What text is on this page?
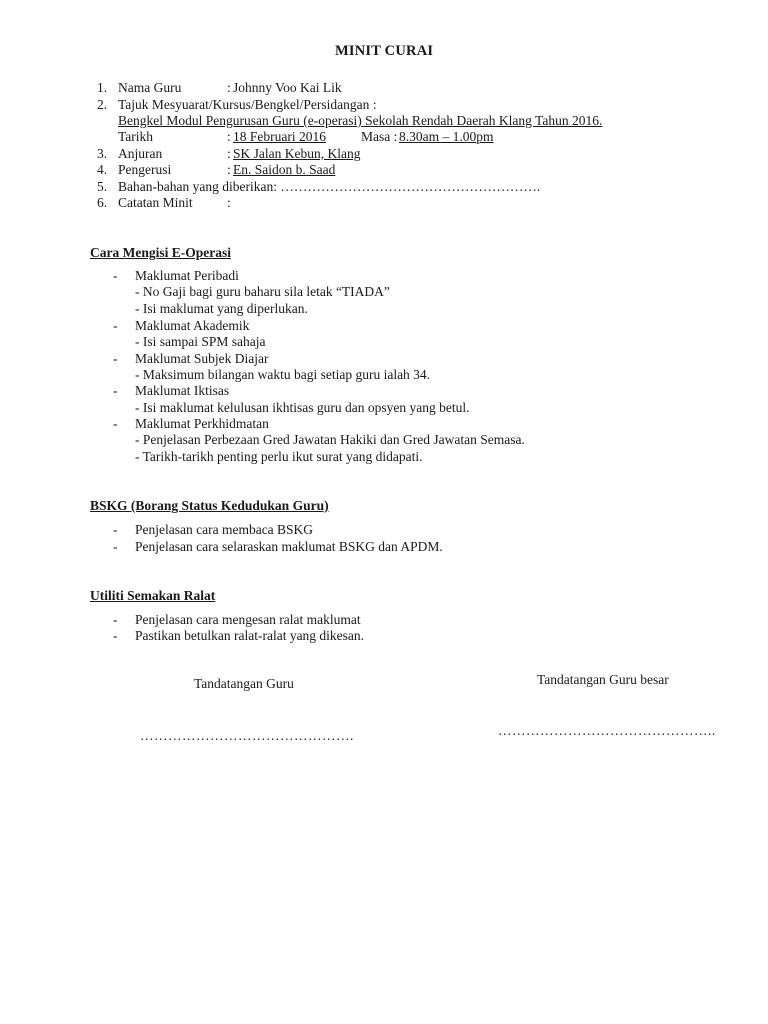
MINIT CURAI
1. Nama Guru	: Johnny Voo Kai Lik
2. Tajuk Mesyuarat/Kursus/Bengkel/Persidangan :
Bengkel Modul Pengurusan Guru (e-operasi) Sekolah Rendah Daerah Klang Tahun 2016.
Tarikh	: 18 Februari 2016	Masa : 8.30am – 1.00pm
3. Anjuran	: SK Jalan Kebun, Klang
4. Pengerusi	: En. Saidon b. Saad
5. Bahan-bahan yang diberikan: ………………………………………………….
6. Catatan Minit	:
Cara Mengisi E-Operasi
- Maklumat Peribadi
- No Gaji bagi guru baharu sila letak “TIADA”
- Isi maklumat yang diperlukan.
- Maklumat Akademik
- Isi sampai SPM sahaja
- Maklumat Subjek Diajar
- Maksimum bilangan waktu bagi setiap guru ialah 34.
- Maklumat Iktisas
- Isi maklumat kelulusan ikhtisas guru dan opsyen yang betul.
- Maklumat Perkhidmatan
- Penjelasan Perbezaan Gred Jawatan Hakiki dan Gred Jawatan Semasa.
- Tarikh-tarikh penting perlu ikut surat yang didapati.
BSKG (Borang Status Kedudukan Guru)
- Penjelasan cara membaca BSKG
- Penjelasan cara selaraskan maklumat BSKG dan APDM.
Utiliti Semakan Ralat
- Penjelasan cara mengesan ralat maklumat
- Pastikan betulkan ralat-ralat yang dikesan.
Tandatangan Guru	Tandatangan Guru besar
……………………………………….	………………………………………..
